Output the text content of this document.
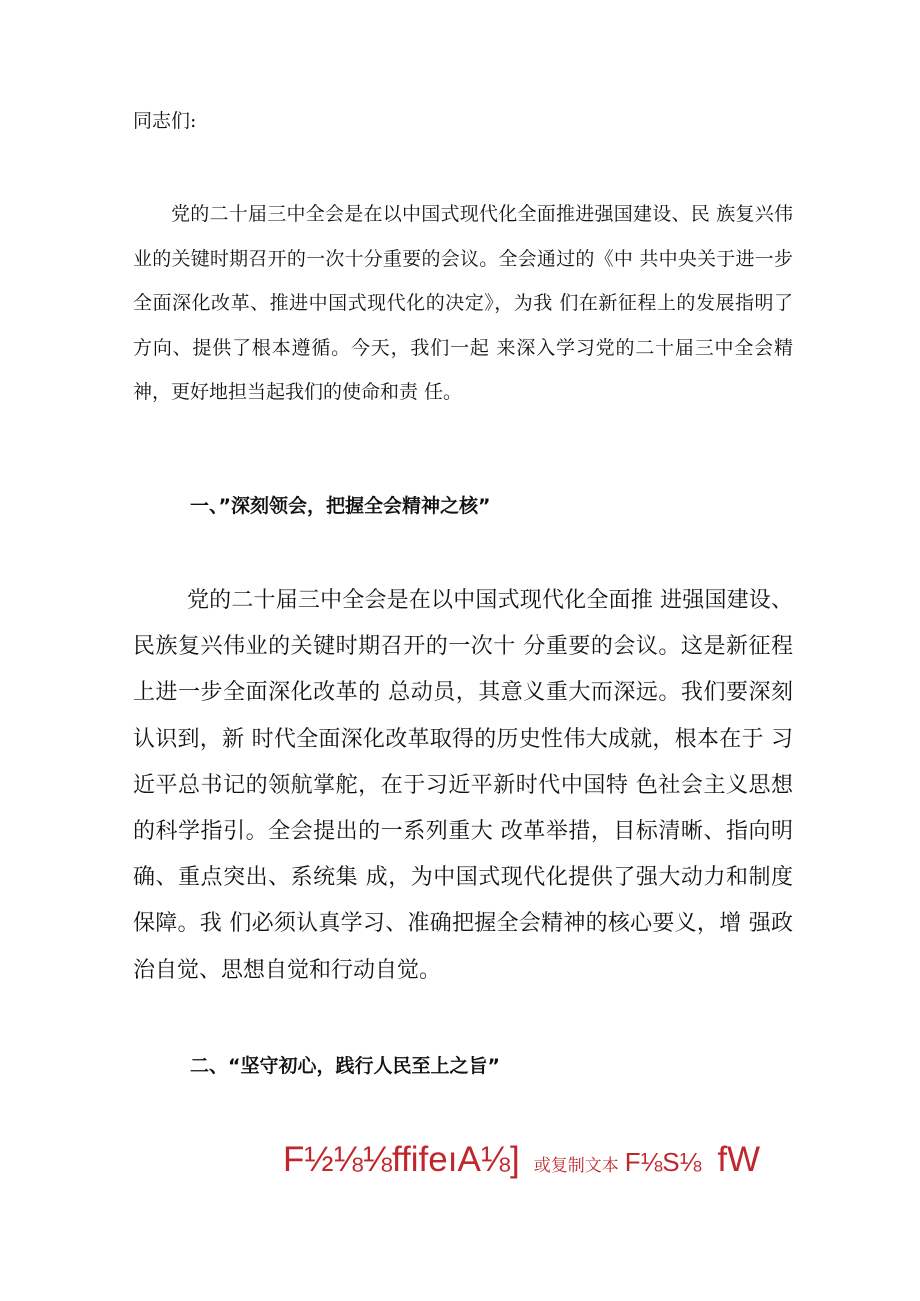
同志们:

党的二十届三中全会是在以中国式现代化全面推进强国建设、民 族复兴伟业的关键时期召开的一次十分重要的会议。全会通过的《中 共中央关于进一步全面深化改革、推进中国式现代化的决定》，为我 们在新征程上的发展指明了方向、提供了根本遵循。今天，我们一起 来深入学习党的二十届三中全会精神，更好地担当起我们的使命和责 任。

一、”深刻领会，把握全会精神之核”

党的二十届三中全会是在以中国式现代化全面推 进强国建设、民族复兴伟业的关键时期召开的一次十 分重要的会议。这是新征程上进一步全面深化改革的 总动员，其意义重大而深远。我们要深刻认识到，新 时代全面深化改革取得的历史性伟大成就，根本在于 习近平总书记的领航掌舵，在于习近平新时代中国特 色社会主义思想的科学指引。全会提出的一系列重大 改革举措，目标清晰、指向明确、重点突出、系统集 成，为中国式现代化提供了强大动力和制度保障。我 们必须认真学习、准确把握全会精神的核心要义，增 强政治自觉、思想自觉和行动自觉。

二、“坚守初心，践行人民至上之旨”
F½⅛⅛ffifeıA⅛] 或复制文本 F⅛S⅛ fW
